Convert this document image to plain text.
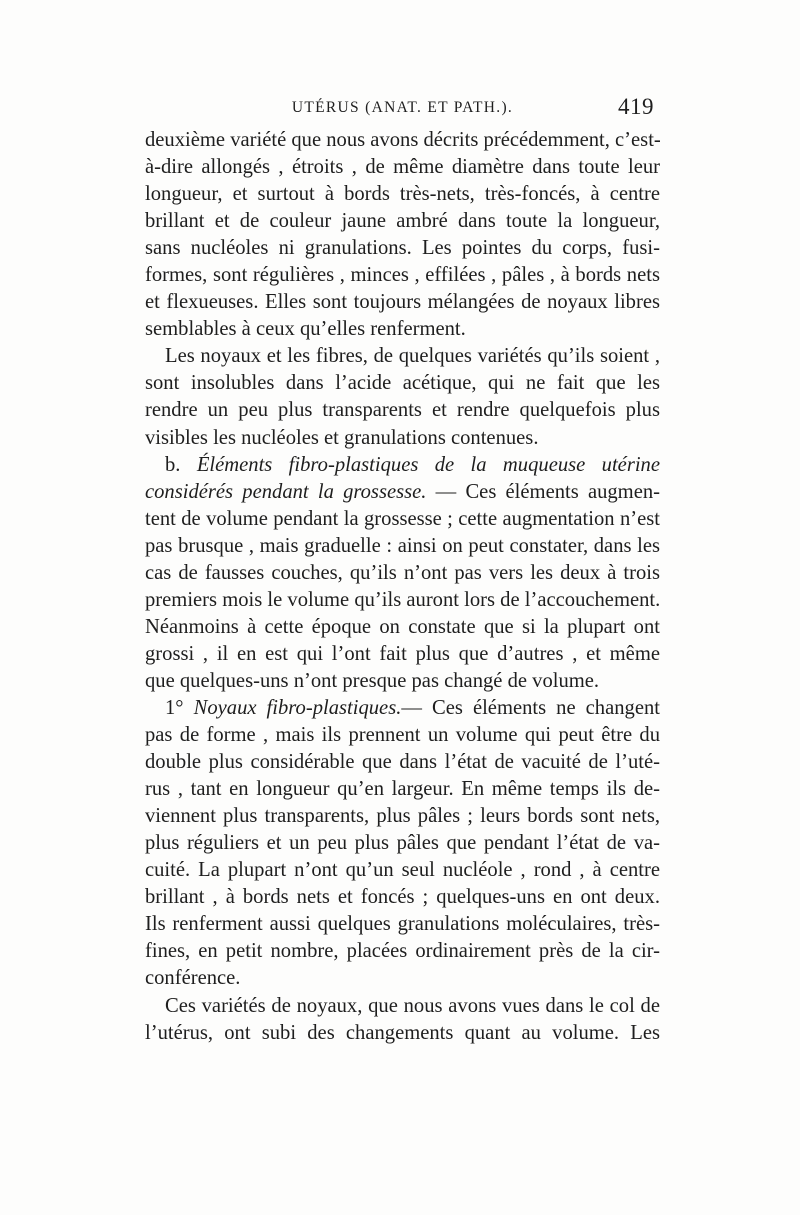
UTÉRUS (ANAT. ET PATH.).	419
deuxième variété que nous avons décrits précédemment, c’est-
à-dire allongés , étroits , de même diamètre dans toute leur
longueur, et surtout à bords très-nets, très-foncés, à centre
brillant et de couleur jaune ambré dans toute la longueur,
sans nucléoles ni granulations. Les pointes du corps, fusi-
formes, sont régulières , minces , effilées , pâles , à bords nets
et flexueuses. Elles sont toujours mélangées de noyaux libres
semblables à ceux qu’elles renferment.
Les noyaux et les fibres, de quelques variétés qu’ils soient ,
sont insolubles dans l’acide acétique, qui ne fait que les
rendre un peu plus transparents et rendre quelquefois plus
visibles les nucléoles et granulations contenues.
b. Éléments fibro-plastiques de la muqueuse utérine
considérés pendant la grossesse. — Ces éléments augmen-
tent de volume pendant la grossesse ; cette augmentation n’est
pas brusque , mais graduelle : ainsi on peut constater, dans les
cas de fausses couches, qu’ils n’ont pas vers les deux à trois
premiers mois le volume qu’ils auront lors de l’accouchement.
Néanmoins à cette époque on constate que si la plupart ont
grossi , il en est qui l’ont fait plus que d’autres , et même
que quelques-uns n’ont presque pas changé de volume.
1° Noyaux fibro-plastiques.— Ces éléments ne changent
pas de forme , mais ils prennent un volume qui peut être du
double plus considérable que dans l’état de vacuité de l’uté-
rus , tant en longueur qu’en largeur. En même temps ils de-
viennent plus transparents, plus pâles ; leurs bords sont nets,
plus réguliers et un peu plus pâles que pendant l’état de va-
cuité. La plupart n’ont qu’un seul nucléole , rond , à centre
brillant , à bords nets et foncés ; quelques-uns en ont deux.
Ils renferment aussi quelques granulations moléculaires, très-
fines, en petit nombre, placées ordinairement près de la cir-
conférence.
Ces variétés de noyaux, que nous avons vues dans le col de
l’utérus, ont subi des changements quant au volume. Les
